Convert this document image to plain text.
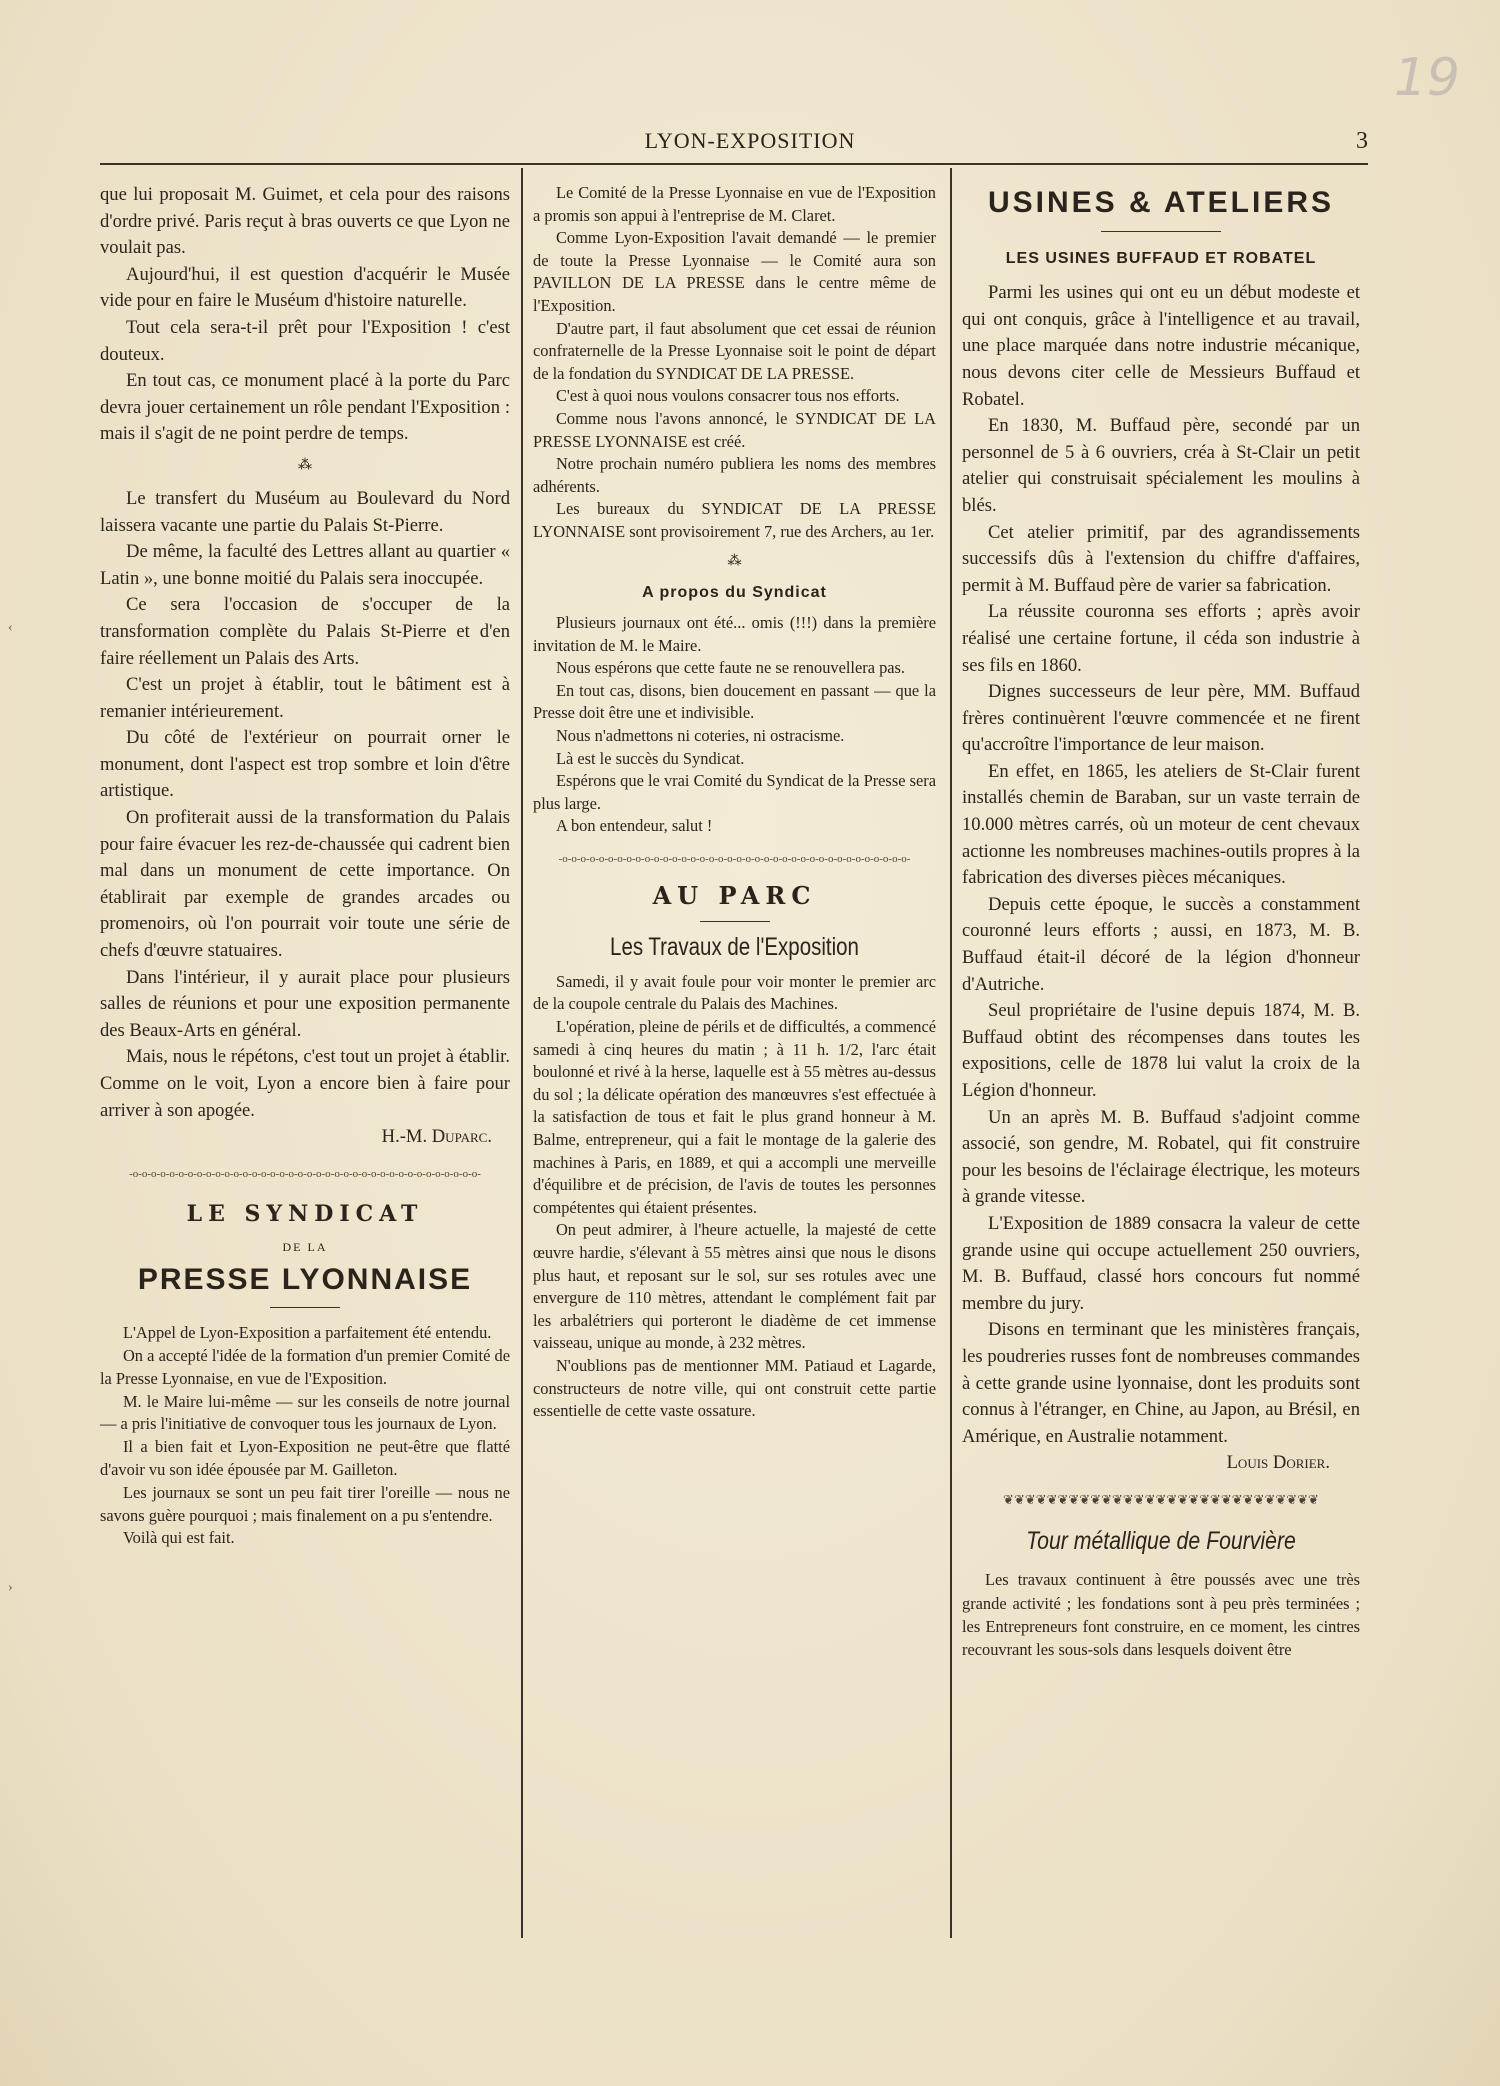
19
LYON-EXPOSITION	3
‹
›

que lui proposait M. Guimet, et cela pour des raisons d'ordre privé. Paris reçut à bras ouverts ce que Lyon ne voulait pas.

Aujourd'hui, il est question d'acquérir le Musée vide pour en faire le Muséum d'histoire naturelle.

Tout cela sera-t-il prêt pour l'Exposition ! c'est douteux.

En tout cas, ce monument placé à la porte du Parc devra jouer certainement un rôle pendant l'Exposition : mais il s'agit de ne point perdre de temps.

⁂

Le transfert du Muséum au Boulevard du Nord laissera vacante une partie du Palais St-Pierre.

De même, la faculté des Lettres allant au quartier « Latin », une bonne moitié du Palais sera inoccupée.

Ce sera l'occasion de s'occuper de la transformation complète du Palais St-Pierre et d'en faire réellement un Palais des Arts.

C'est un projet à établir, tout le bâtiment est à remanier intérieurement.

Du côté de l'extérieur on pourrait orner le monument, dont l'aspect est trop sombre et loin d'être artistique.

On profiterait aussi de la transformation du Palais pour faire évacuer les rez-de-chaussée qui cadrent bien mal dans un monument de cette importance. On établirait par exemple de grandes arcades ou promenoirs, où l'on pourrait voir toute une série de chefs d'œuvre statuaires.

Dans l'intérieur, il y aurait place pour plusieurs salles de réunions et pour une exposition permanente des Beaux-Arts en général.

Mais, nous le répétons, c'est tout un projet à établir. Comme on le voit, Lyon a encore bien à faire pour arriver à son apogée.

H.-M. Duparc.

-o-o-o-o-o-o-o-o-o-o-o-o-o-o-o-o-o-o-o-o-o-o-o-o-o-o-o-o-o-o-o-o-o-o-o-o-o-o-
LE SYNDICAT
DE LA
PRESSE LYONNAISE

L'Appel de Lyon-Exposition a parfaitement été entendu.

On a accepté l'idée de la formation d'un premier Comité de la Presse Lyonnaise, en vue de l'Exposition.

M. le Maire lui-même — sur les conseils de notre journal — a pris l'initiative de convoquer tous les journaux de Lyon.

Il a bien fait et Lyon-Exposition ne peut-être que flatté d'avoir vu son idée épousée par M. Gailleton.

Les journaux se sont un peu fait tirer l'oreille — nous ne savons guère pourquoi ; mais finalement on a pu s'entendre.

Voilà qui est fait.

Le Comité de la Presse Lyonnaise en vue de l'Exposition a promis son appui à l'entreprise de M. Claret.

Comme Lyon-Exposition l'avait demandé — le premier de toute la Presse Lyonnaise — le Comité aura son PAVILLON DE LA PRESSE dans le centre même de l'Exposition.

D'autre part, il faut absolument que cet essai de réunion confraternelle de la Presse Lyonnaise soit le point de départ de la fondation du SYNDICAT DE LA PRESSE.

C'est à quoi nous voulons consacrer tous nos efforts.

Comme nous l'avons annoncé, le SYNDICAT DE LA PRESSE LYONNAISE est créé.

Notre prochain numéro publiera les noms des membres adhérents.

Les bureaux du SYNDICAT DE LA PRESSE LYONNAISE sont provisoirement 7, rue des Archers, au 1er.

⁂
A propos du Syndicat

Plusieurs journaux ont été... omis (!!!) dans la première invitation de M. le Maire.

Nous espérons que cette faute ne se renouvellera pas.

En tout cas, disons, bien doucement en passant — que la Presse doit être une et indivisible.

Nous n'admettons ni coteries, ni ostracisme.

Là est le succès du Syndicat.

Espérons que le vrai Comité du Syndicat de la Presse sera plus large.

A bon entendeur, salut !

-o-o-o-o-o-o-o-o-o-o-o-o-o-o-o-o-o-o-o-o-o-o-o-o-o-o-o-o-o-o-o-o-o-o-o-o-o-o-
AU PARC
Les Travaux de l'Exposition

Samedi, il y avait foule pour voir monter le premier arc de la coupole centrale du Palais des Machines.

L'opération, pleine de périls et de difficultés, a commencé samedi à cinq heures du matin ; à 11 h. 1/2, l'arc était boulonné et rivé à la herse, laquelle est à 55 mètres au-dessus du sol ; la délicate opération des manœuvres s'est effectuée à la satisfaction de tous et fait le plus grand honneur à M. Balme, entrepreneur, qui a fait le montage de la galerie des machines à Paris, en 1889, et qui a accompli une merveille d'équilibre et de précision, de l'avis de toutes les personnes compétentes qui étaient présentes.

On peut admirer, à l'heure actuelle, la majesté de cette œuvre hardie, s'élevant à 55 mètres ainsi que nous le disons plus haut, et reposant sur le sol, sur ses rotules avec une envergure de 110 mètres, attendant le complément fait par les arbalétriers qui porteront le diadème de cet immense vaisseau, unique au monde, à 232 mètres.

N'oublions pas de mentionner MM. Patiaud et Lagarde, constructeurs de notre ville, qui ont construit cette partie essentielle de cette vaste ossature.

USINES & ATELIERS
LES USINES BUFFAUD ET ROBATEL

Parmi les usines qui ont eu un début modeste et qui ont conquis, grâce à l'intelligence et au travail, une place marquée dans notre industrie mécanique, nous devons citer celle de Messieurs Buffaud et Robatel.

En 1830, M. Buffaud père, secondé par un personnel de 5 à 6 ouvriers, créa à St-Clair un petit atelier qui construisait spécialement les moulins à blés.

Cet atelier primitif, par des agrandissements successifs dûs à l'extension du chiffre d'affaires, permit à M. Buffaud père de varier sa fabrication.

La réussite couronna ses efforts ; après avoir réalisé une certaine fortune, il céda son industrie à ses fils en 1860.

Dignes successeurs de leur père, MM. Buffaud frères continuèrent l'œuvre commencée et ne firent qu'accroître l'importance de leur maison.

En effet, en 1865, les ateliers de St-Clair furent installés chemin de Baraban, sur un vaste terrain de 10.000 mètres carrés, où un moteur de cent chevaux actionne les nombreuses machines-outils propres à la fabrication des diverses pièces mécaniques.

Depuis cette époque, le succès a constamment couronné leurs efforts ; aussi, en 1873, M. B. Buffaud était-il décoré de la légion d'honneur d'Autriche.

Seul propriétaire de l'usine depuis 1874, M. B. Buffaud obtint des récompenses dans toutes les expositions, celle de 1878 lui valut la croix de la Légion d'honneur.

Un an après M. B. Buffaud s'adjoint comme associé, son gendre, M. Robatel, qui fit construire pour les besoins de l'éclairage électrique, les moteurs à grande vitesse.

L'Exposition de 1889 consacra la valeur de cette grande usine qui occupe actuellement 250 ouvriers, M. B. Buffaud, classé hors concours fut nommé membre du jury.

Disons en terminant que les ministères français, les poudreries russes font de nombreuses commandes à cette grande usine lyonnaise, dont les produits sont connus à l'étranger, en Chine, au Japon, au Brésil, en Amérique, en Australie notamment.

Louis Dorier.

❦❦❦❦❦❦❦❦❦❦❦❦❦❦❦❦❦❦❦❦❦❦❦❦❦❦❦❦❦
Tour métallique de Fourvière

Les travaux continuent à être poussés avec une très grande activité ; les fondations sont à peu près terminées ; les Entrepreneurs font construire, en ce moment, les cintres recouvrant les sous-sols dans lesquels doivent être
